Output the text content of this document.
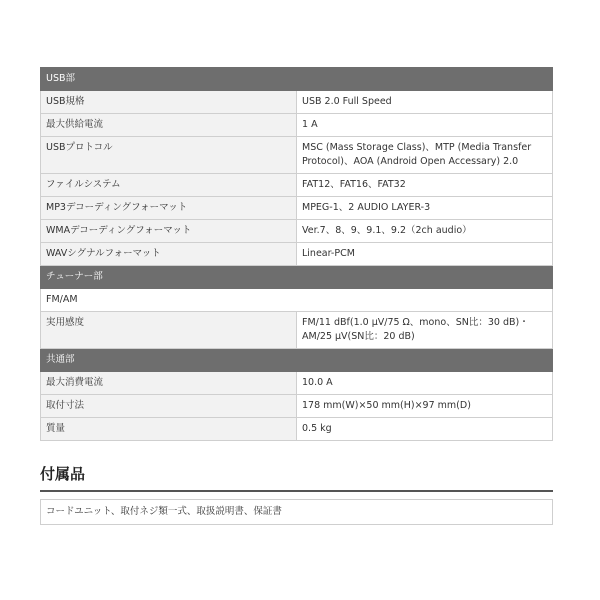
USB部	
USB規格	USB 2.0 Full Speed
最大供給電流	1 A
USBプロトコル	MSC (Mass Storage Class)、MTP (Media Transfer Protocol)、AOA (Android Open Accessary) 2.0
ファイルシステム	FAT12、FAT16、FAT32
MP3デコーディングフォーマット	MPEG-1、2 AUDIO LAYER-3
WMAデコーディングフォーマット	Ver.7、8、9、9.1、9.2（2ch audio）
WAVシグナルフォーマット	Linear-PCM
チューナー部	
FM/AM	
実用感度	FM/11 dBf(1.0 μV/75 Ω、mono、SN比：30 dB)・AM/25 μV(SN比：20 dB)
共通部	
最大消費電流	10.0 A
取付寸法	178 mm(W)×50 mm(H)×97 mm(D)
質量	0.5 kg
付属品
コードユニット、取付ネジ類一式、取扱説明書、保証書
